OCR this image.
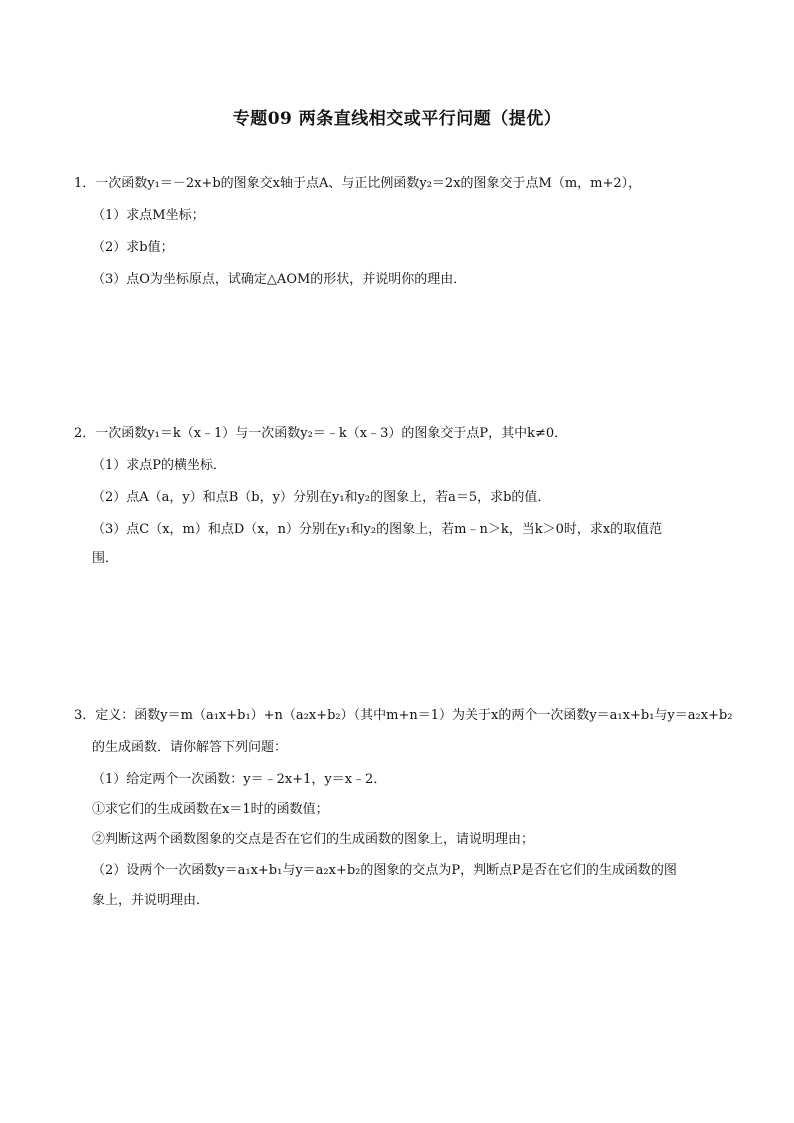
专题09 两条直线相交或平行问题（提优）
1．一次函数y₁＝－2x+b的图象交x轴于点A、与正比例函数y₂＝2x的图象交于点M（m，m+2），
（1）求点M坐标；
（2）求b值；
（3）点O为坐标原点，试确定△AOM的形状，并说明你的理由．
2．一次函数y₁＝k（x﹣1）与一次函数y₂＝﹣k（x﹣3）的图象交于点P，其中k≠0．
（1）求点P的横坐标．
（2）点A（a，y）和点B（b，y）分别在y₁和y₂的图象上，若a＝5，求b的值．
（3）点C（x，m）和点D（x，n）分别在y₁和y₂的图象上，若m﹣n＞k，当k＞0时，求x的取值范
围．
3．定义：函数y＝m（a₁x+b₁）+n（a₂x+b₂）（其中m+n＝1）为关于x的两个一次函数y＝a₁x+b₁与y＝a₂x+b₂
的生成函数．请你解答下列问题：
（1）给定两个一次函数：y＝﹣2x+1，y＝x﹣2．
①求它们的生成函数在x＝1时的函数值；
②判断这两个函数图象的交点是否在它们的生成函数的图象上，请说明理由；
（2）设两个一次函数y＝a₁x+b₁与y＝a₂x+b₂的图象的交点为P，判断点P是否在它们的生成函数的图
象上，并说明理由．
